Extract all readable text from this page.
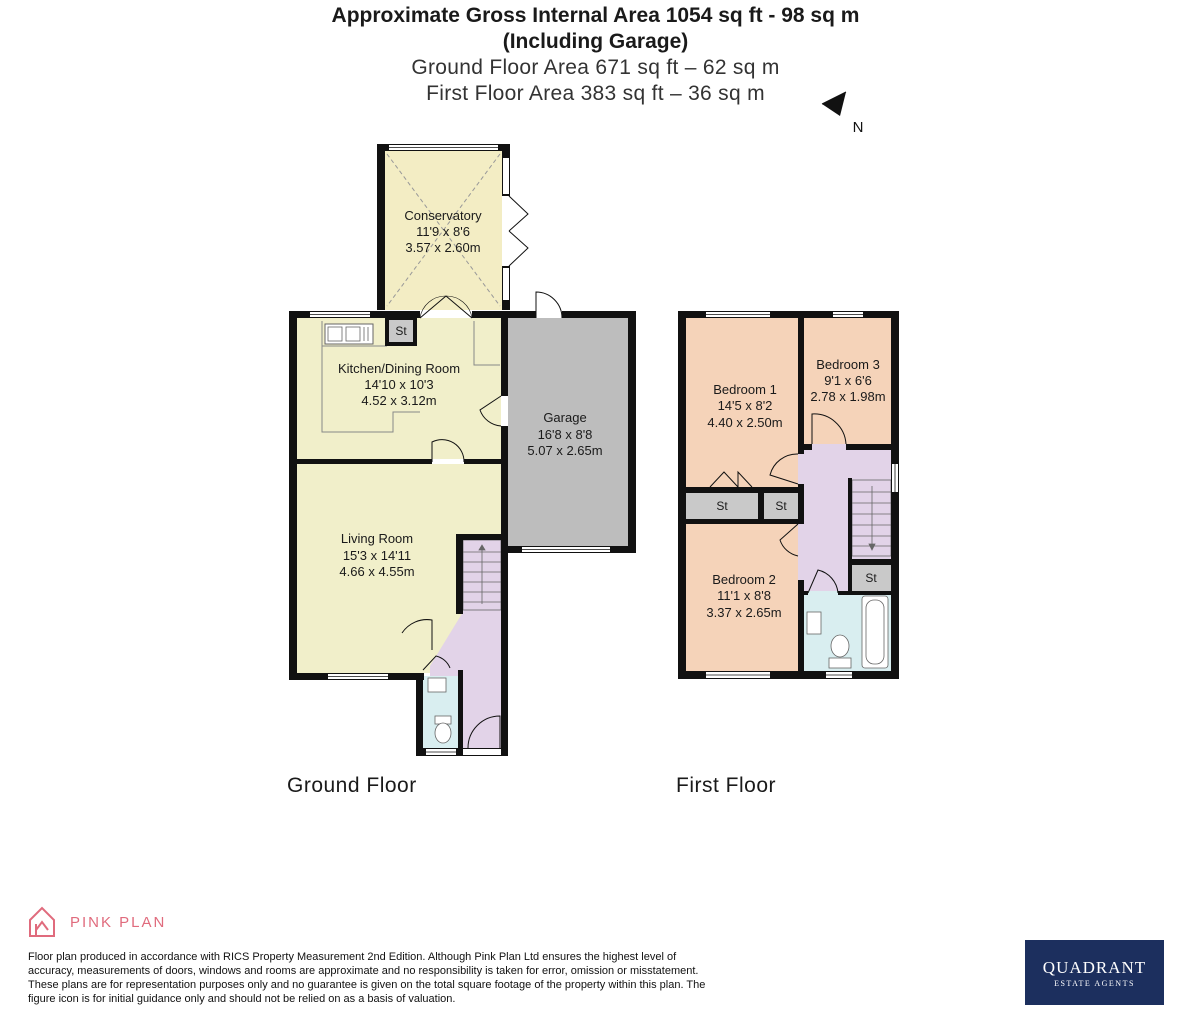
Approximate Gross Internal Area 1054 sq ft - 98 sq m
(Including Garage)
Ground Floor Area 671 sq ft – 62 sq m
First Floor Area 383 sq ft – 36 sq m
N
St
Conservatory
11'9 x 8'6
3.57 x 2.60m
Kitchen/Dining Room
14'10 x 10'3
4.52 x 3.12m
Garage
16'8 x 8'8
5.07 x 2.65m
Living Room
15'3 x 14'11
4.66 x 4.55m
St	St
St
Bedroom 1
14'5 x 8'2
4.40 x 2.50m
Bedroom 3
9'1 x 6'6
2.78 x 1.98m
Bedroom 2
11'1 x 8'8
3.37 x 2.65m
Ground Floor	First Floor
PINK PLAN
Floor plan produced in accordance with RICS Property Measurement 2nd Edition. Although Pink Plan Ltd ensures the highest level of accuracy, measurements of doors, windows and rooms are approximate and no responsibility is taken for error, omission or misstatement. These plans are for representation purposes only and no guarantee is given on the total square footage of the property within this plan. The figure icon is for initial guidance only and should not be relied on as a basis of valuation.
QUADRANT
ESTATE AGENTS
